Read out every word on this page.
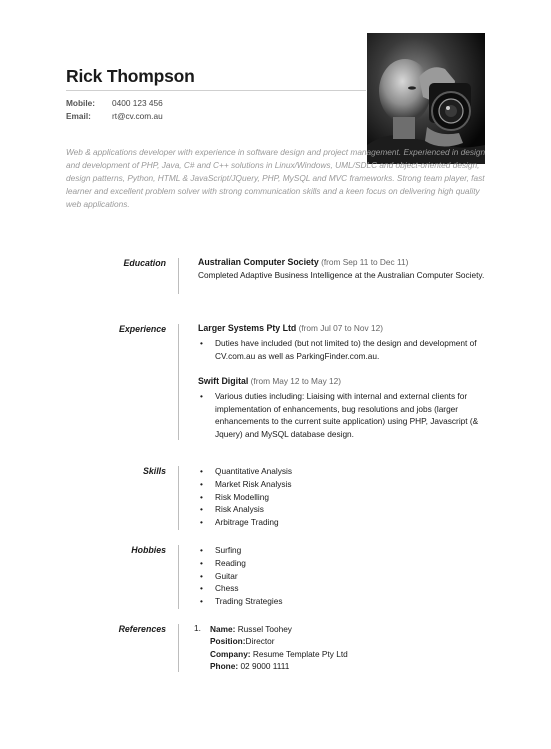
Rick Thompson
Mobile: 0400 123 456
Email:	rt@cv.com.au
Web & applications developer with experience in software design and project management. Experienced in design and development of PHP, Java, C# and C++ solutions in Linux/Windows, UML/SDLC and object-oriented design, design patterns, Python, HTML & JavaScript/JQuery, PHP, MySQL and MVC frameworks. Strong team player, fast learner and excellent problem solver with strong communication skills and a keen focus on delivering high quality web applications.
Education	Australian Computer Society (from Sep 11 to Dec 11)
Completed Adaptive Business Intelligence at the Australian Computer Society.
Experience	Larger Systems Pty Ltd (from Jul 07 to Nov 12)
• Duties have included (but not limited to) the design and development of CV.com.au as well as ParkingFinder.com.au.
Swift Digital (from May 12 to May 12)
• Various duties including: Liaising with internal and external clients for implementation of enhancements, bug resolutions and jobs (larger enhancements to the current suite application) using PHP, Javascript (& Jquery) and MySQL database design.
Skills	• Quantitative Analysis
• Market Risk Analysis
• Risk Modelling
• Risk Analysis
• Arbitrage Trading
Hobbies	• Surfing
• Reading
• Guitar
• Chess
• Trading Strategies
References	1. Name: Russel Toohey
Position:Director
Company: Resume Template Pty Ltd
Phone: 02 9000 1111
